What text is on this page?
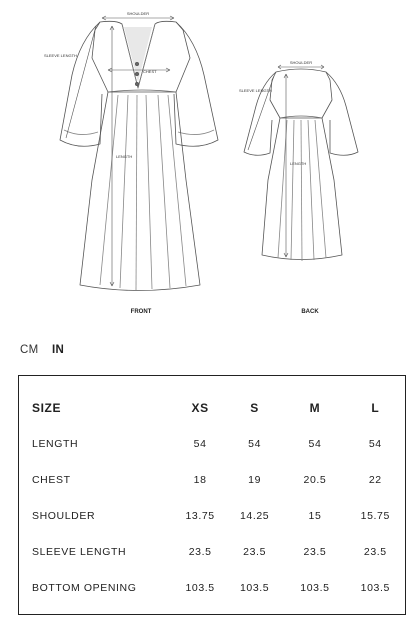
SHOULDER
SLEEVE LENGTH
CHEST
LENGTH
SHOULDER
SLEEVE LENGTH
LENGTH
FRONT	BACK
CM IN
SIZE	XS	S	M	L
LENGTH	54	54	54	54
CHEST	18	19	20.5	22
SHOULDER	13.75	14.25	15	15.75
SLEEVE LENGTH	23.5	23.5	23.5	23.5
BOTTOM OPENING	103.5	103.5	103.5	103.5
